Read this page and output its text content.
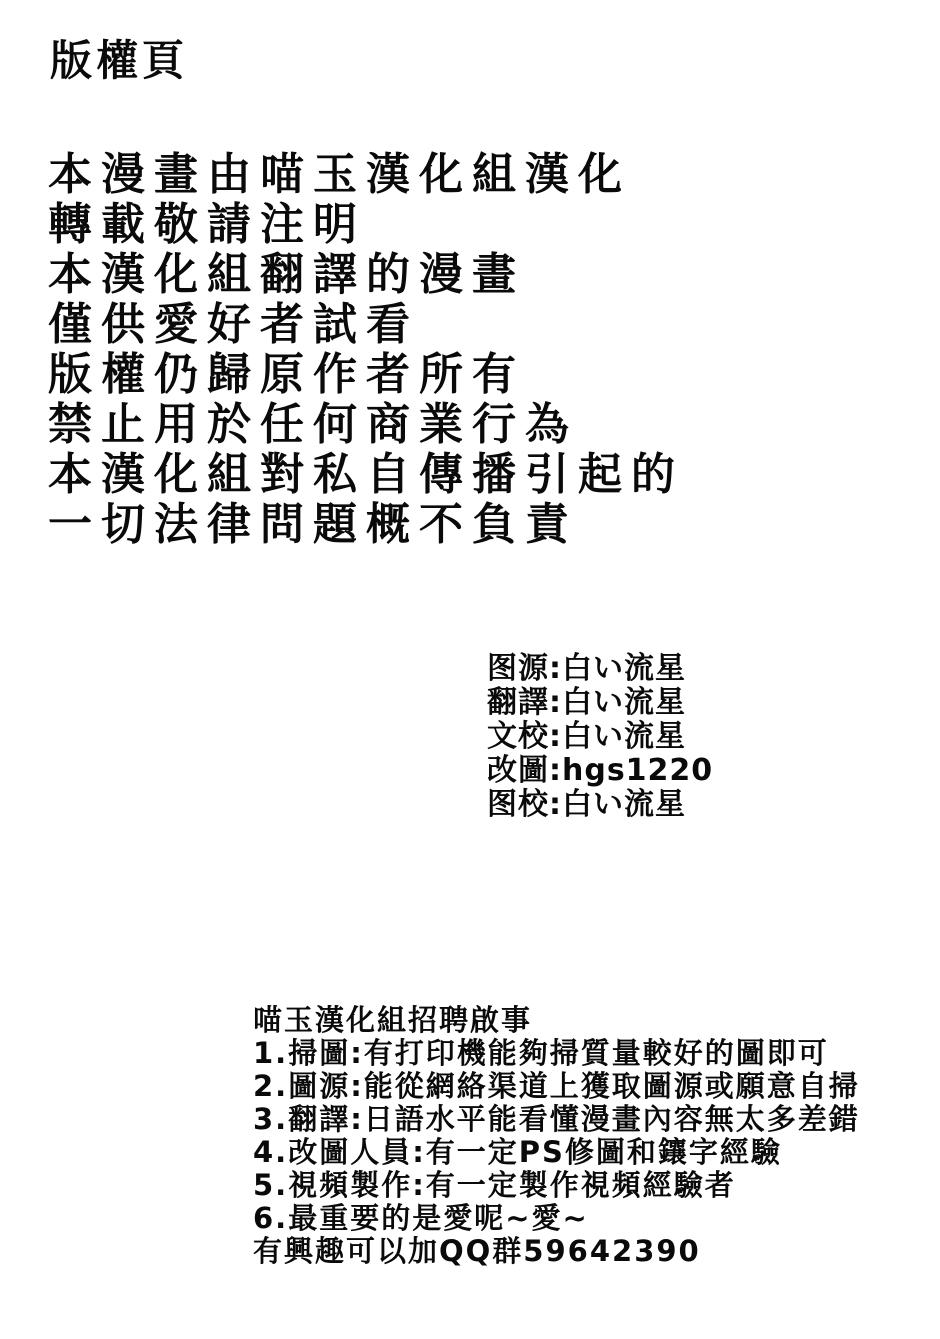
版權頁
本漫畫由喵玉漢化組漢化
轉載敬請注明
本漢化組翻譯的漫畫
僅供愛好者試看
版權仍歸原作者所有
禁止用於任何商業行為
本漢化組對私自傳播引起的
一切法律問題概不負責
图源:白い流星
翻譯:白い流星
文校:白い流星
改圖:hgs1220
图校:白い流星
喵玉漢化組招聘啟事
1.掃圖:有打印機能夠掃質量較好的圖即可
2.圖源:能從網絡渠道上獲取圖源或願意自掃
3.翻譯:日語水平能看懂漫畫內容無太多差錯
4.改圖人員:有一定PS修圖和鑲字經驗
5.視頻製作:有一定製作視頻經驗者
6.最重要的是愛呢~愛~
有興趣可以加QQ群59642390
